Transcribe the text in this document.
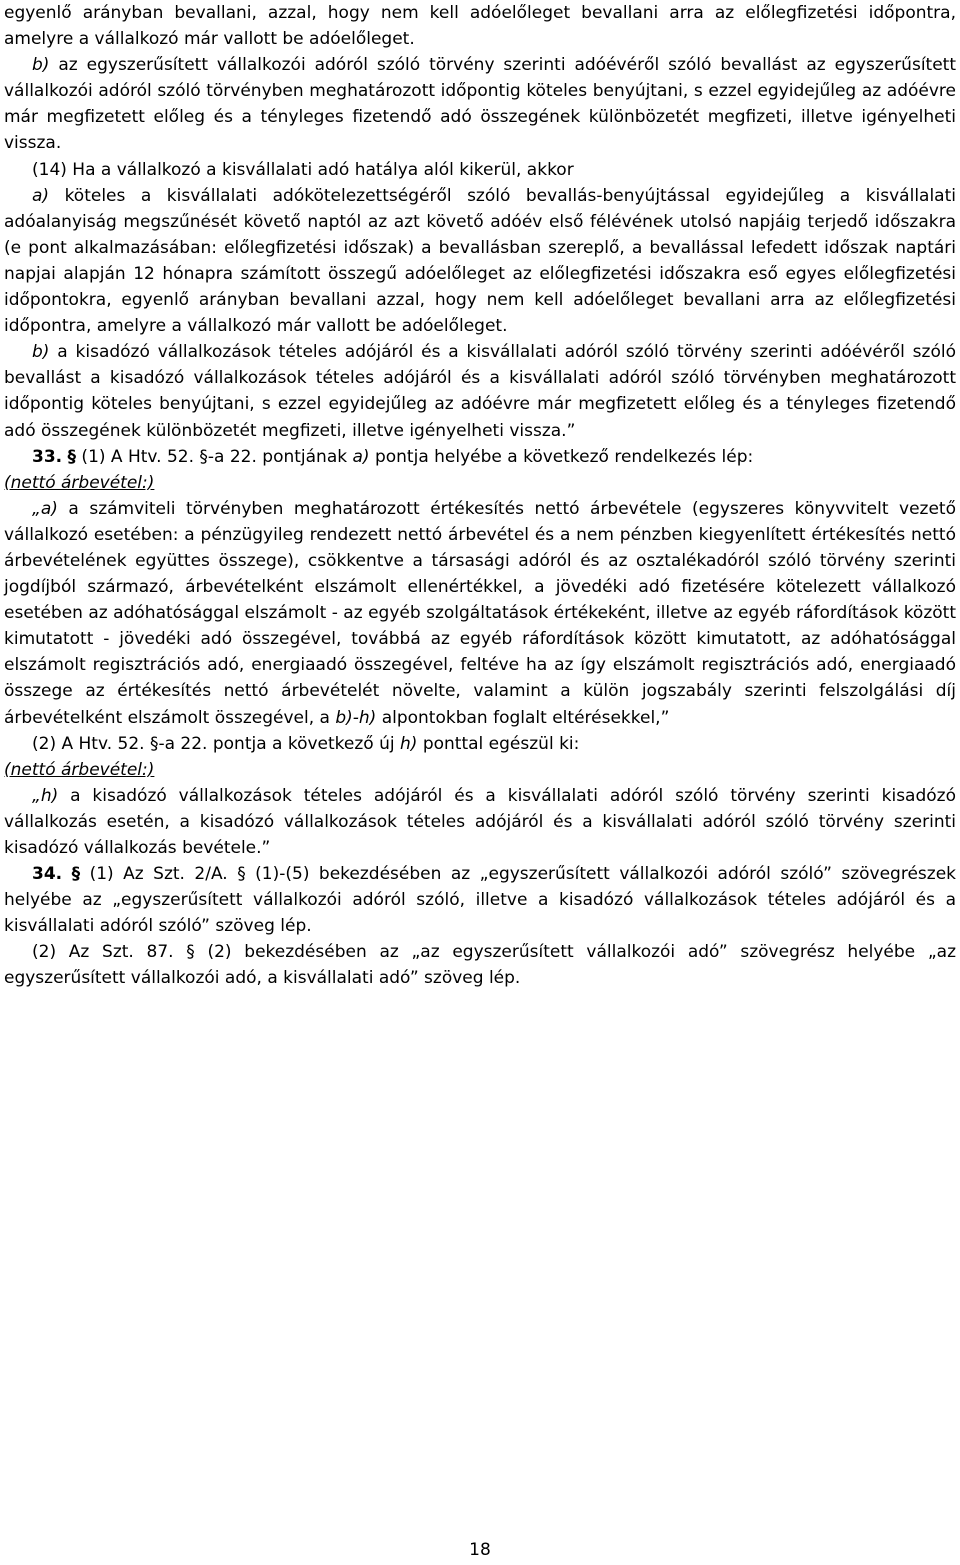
egyenlő arányban bevallani, azzal, hogy nem kell adóelőleget bevallani arra az előlegfizetési időpontra, amelyre a vállalkozó már vallott be adóelőleget.

b) az egyszerűsített vállalkozói adóról szóló törvény szerinti adóévéről szóló bevallást az egyszerűsített vállalkozói adóról szóló törvényben meghatározott időpontig köteles benyújtani, s ezzel egyidejűleg az adóévre már megfizetett előleg és a tényleges fizetendő adó összegének különbözetét megfizeti, illetve igényelheti vissza.

(14) Ha a vállalkozó a kisvállalati adó hatálya alól kikerül, akkor

a) köteles a kisvállalati adókötelezettségéről szóló bevallás-benyújtással egyidejűleg a kisvállalati adóalanyiság megszűnését követő naptól az azt követő adóév első félévének utolsó napjáig terjedő időszakra (e pont alkalmazásában: előlegfizetési időszak) a bevallásban szereplő, a bevallással lefedett időszak naptári napjai alapján 12 hónapra számított összegű adóelőleget az előlegfizetési időszakra eső egyes előlegfizetési időpontokra, egyenlő arányban bevallani azzal, hogy nem kell adóelőleget bevallani arra az előlegfizetési időpontra, amelyre a vállalkozó már vallott be adóelőleget.

b) a kisadózó vállalkozások tételes adójáról és a kisvállalati adóról szóló törvény szerinti adóévéről szóló bevallást a kisadózó vállalkozások tételes adójáról és a kisvállalati adóról szóló törvényben meghatározott időpontig köteles benyújtani, s ezzel egyidejűleg az adóévre már megfizetett előleg és a tényleges fizetendő adó összegének különbözetét megfizeti, illetve igényelheti vissza.”

33. § (1) A Htv. 52. §-a 22. pontjának a) pontja helyébe a következő rendelkezés lép:

(nettó árbevétel:)

„a) a számviteli törvényben meghatározott értékesítés nettó árbevétele (egyszeres könyvvitelt vezető vállalkozó esetében: a pénzügyileg rendezett nettó árbevétel és a nem pénzben kiegyenlített értékesítés nettó árbevételének együttes összege), csökkentve a társasági adóról és az osztalékadóról szóló törvény szerinti jogdíjból származó, árbevételként elszámolt ellenértékkel, a jövedéki adó fizetésére kötelezett vállalkozó esetében az adóhatósággal elszámolt - az egyéb szolgáltatások értékeként, illetve az egyéb ráfordítások között kimutatott - jövedéki adó összegével, továbbá az egyéb ráfordítások között kimutatott, az adóhatósággal elszámolt regisztrációs adó, energiaadó összegével, feltéve ha az így elszámolt regisztrációs adó, energiaadó összege az értékesítés nettó árbevételét növelte, valamint a külön jogszabály szerinti felszolgálási díj árbevételként elszámolt összegével, a b)-h) alpontokban foglalt eltérésekkel,”

(2) A Htv. 52. §-a 22. pontja a következő új h) ponttal egészül ki:

(nettó árbevétel:)

„h) a kisadózó vállalkozások tételes adójáról és a kisvállalati adóról szóló törvény szerinti kisadózó vállalkozás esetén, a kisadózó vállalkozások tételes adójáról és a kisvállalati adóról szóló törvény szerinti kisadózó vállalkozás bevétele.”

34. § (1) Az Szt. 2/A. § (1)-(5) bekezdésében az „egyszerűsített vállalkozói adóról szóló” szövegrészek helyébe az „egyszerűsített vállalkozói adóról szóló, illetve a kisadózó vállalkozások tételes adójáról és a kisvállalati adóról szóló” szöveg lép.

(2) Az Szt. 87. § (2) bekezdésében az „az egyszerűsített vállalkozói adó” szövegrész helyébe „az egyszerűsített vállalkozói adó, a kisvállalati adó” szöveg lép.

18
